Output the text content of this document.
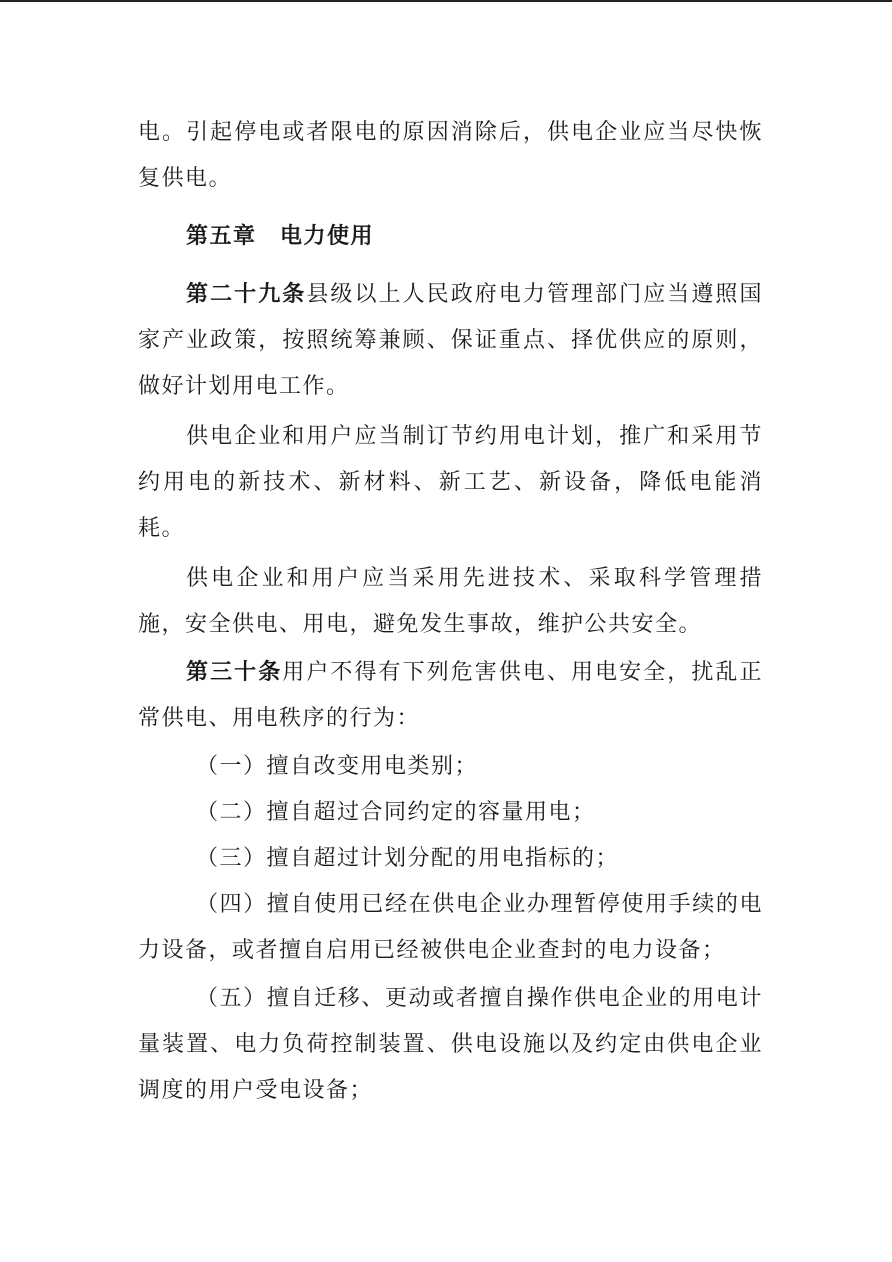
电。引起停电或者限电的原因消除后，供电企业应当尽快恢复供电。

第五章　电力使用

第二十九条县级以上人民政府电力管理部门应当遵照国家产业政策，按照统筹兼顾、保证重点、择优供应的原则，做好计划用电工作。

供电企业和用户应当制订节约用电计划，推广和采用节约用电的新技术、新材料、新工艺、新设备，降低电能消耗。

供电企业和用户应当采用先进技术、采取科学管理措施，安全供电、用电，避免发生事故，维护公共安全。

第三十条用户不得有下列危害供电、用电安全，扰乱正常供电、用电秩序的行为：

（一）擅自改变用电类别；

（二）擅自超过合同约定的容量用电；

（三）擅自超过计划分配的用电指标的；

（四）擅自使用已经在供电企业办理暂停使用手续的电力设备，或者擅自启用已经被供电企业查封的电力设备；

（五）擅自迁移、更动或者擅自操作供电企业的用电计量装置、电力负荷控制装置、供电设施以及约定由供电企业调度的用户受电设备；
